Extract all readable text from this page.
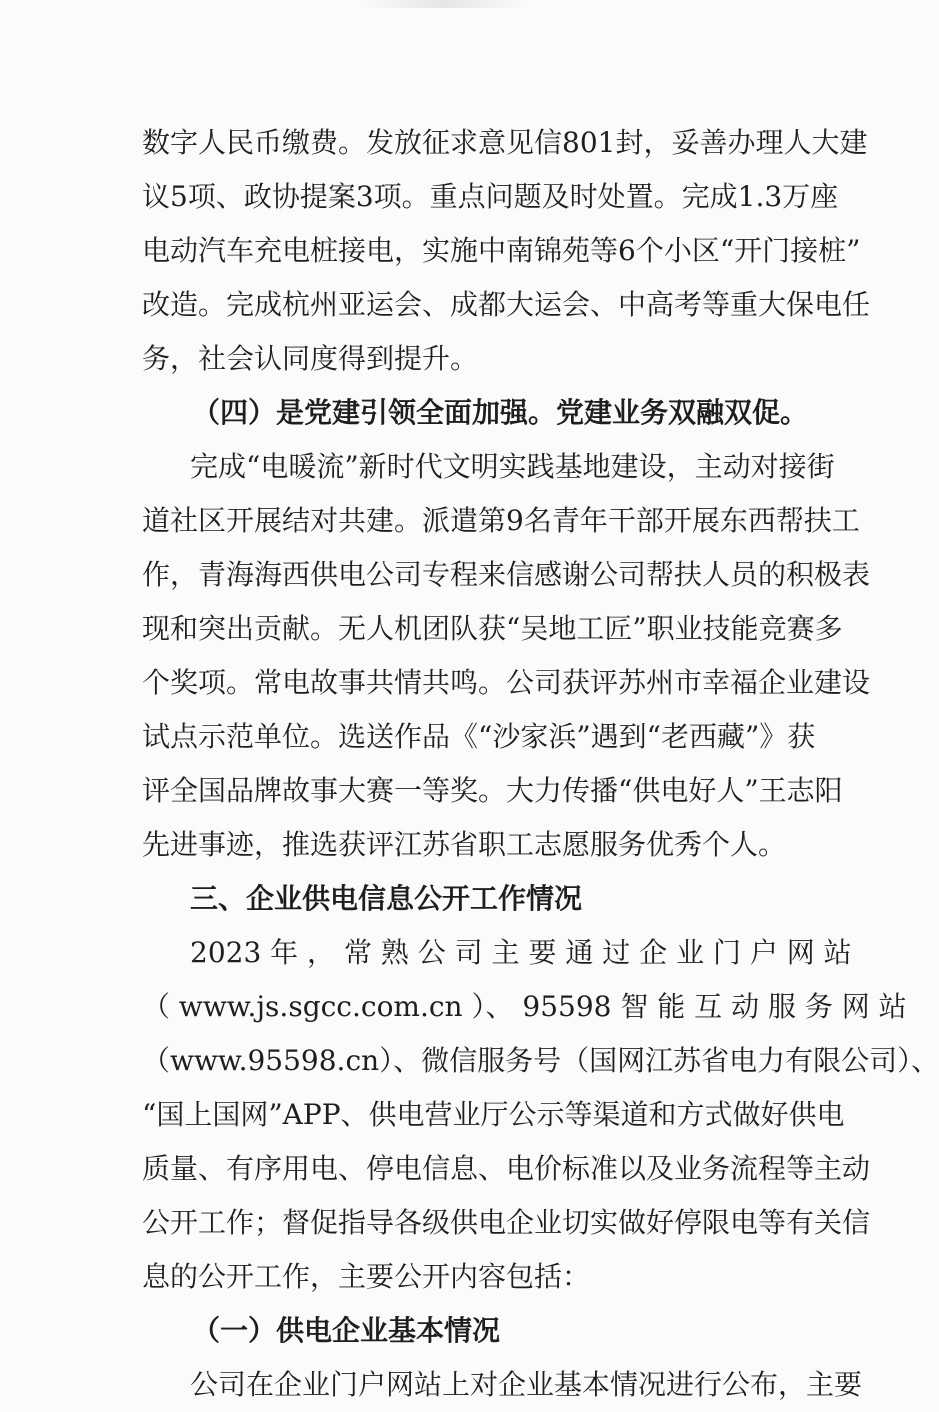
数字人民币缴费。发放征求意见信801封，妥善办理人大建
议5项、政协提案3项。重点问题及时处置。完成1.3万座
电动汽车充电桩接电，实施中南锦苑等6个小区“开门接桩”
改造。完成杭州亚运会、成都大运会、中高考等重大保电任
务，社会认同度得到提升。
（四）是党建引领全面加强。党建业务双融双促。
完成“电暖流”新时代文明实践基地建设，主动对接街
道社区开展结对共建。派遣第9名青年干部开展东西帮扶工
作，青海海西供电公司专程来信感谢公司帮扶人员的积极表
现和突出贡献。无人机团队获“吴地工匠”职业技能竞赛多
个奖项。常电故事共情共鸣。公司获评苏州市幸福企业建设
试点示范单位。选送作品《“沙家浜”遇到“老西藏”》获
评全国品牌故事大赛一等奖。大力传播“供电好人”王志阳
先进事迹，推选获评江苏省职工志愿服务优秀个人。
三、企业供电信息公开工作情况
2023 年 ， 常 熟 公 司 主 要 通 过 企 业 门 户 网 站
（ www.js.sgcc.com.cn ）、 95598 智 能 互 动 服 务 网 站
（www.95598.cn）、微信服务号（国网江苏省电力有限公司）、
“国上国网”APP、供电营业厅公示等渠道和方式做好供电
质量、有序用电、停电信息、电价标准以及业务流程等主动
公开工作；督促指导各级供电企业切实做好停限电等有关信
息的公开工作，主要公开内容包括：
（一）供电企业基本情况
公司在企业门户网站上对企业基本情况进行公布，主要
